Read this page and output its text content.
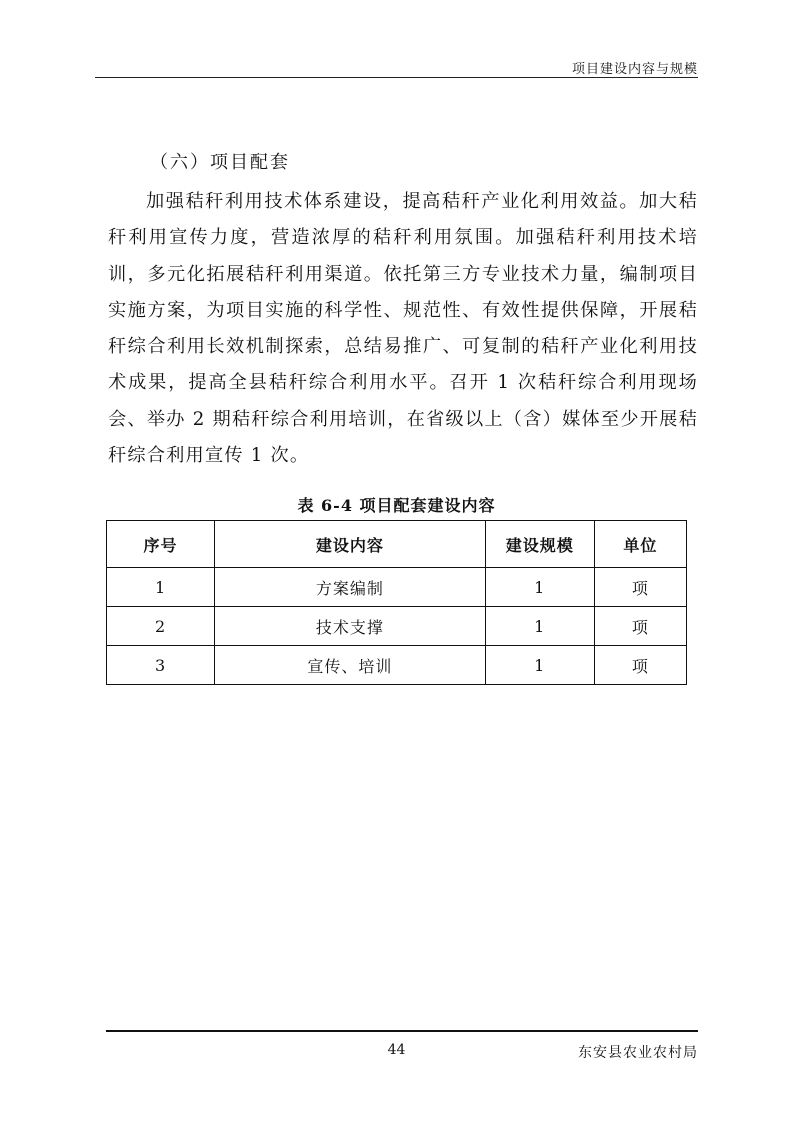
项目建设内容与规模
（六）项目配套

加强秸秆利用技术体系建设，提高秸秆产业化利用效益。加大秸秆利用宣传力度，营造浓厚的秸秆利用氛围。加强秸秆利用技术培训，多元化拓展秸秆利用渠道。依托第三方专业技术力量，编制项目实施方案，为项目实施的科学性、规范性、有效性提供保障，开展秸秆综合利用长效机制探索，总结易推广、可复制的秸秆产业化利用技术成果，提高全县秸秆综合利用水平。召开 1 次秸秆综合利用现场会、举办 2 期秸秆综合利用培训，在省级以上（含）媒体至少开展秸秆综合利用宣传 1 次。

表 6-4 项目配套建设内容
序号	建设内容	建设规模	单位
1	方案编制	1	项
2	技术支撑	1	项
3	宣传、培训	1	项
44	东安县农业农村局
